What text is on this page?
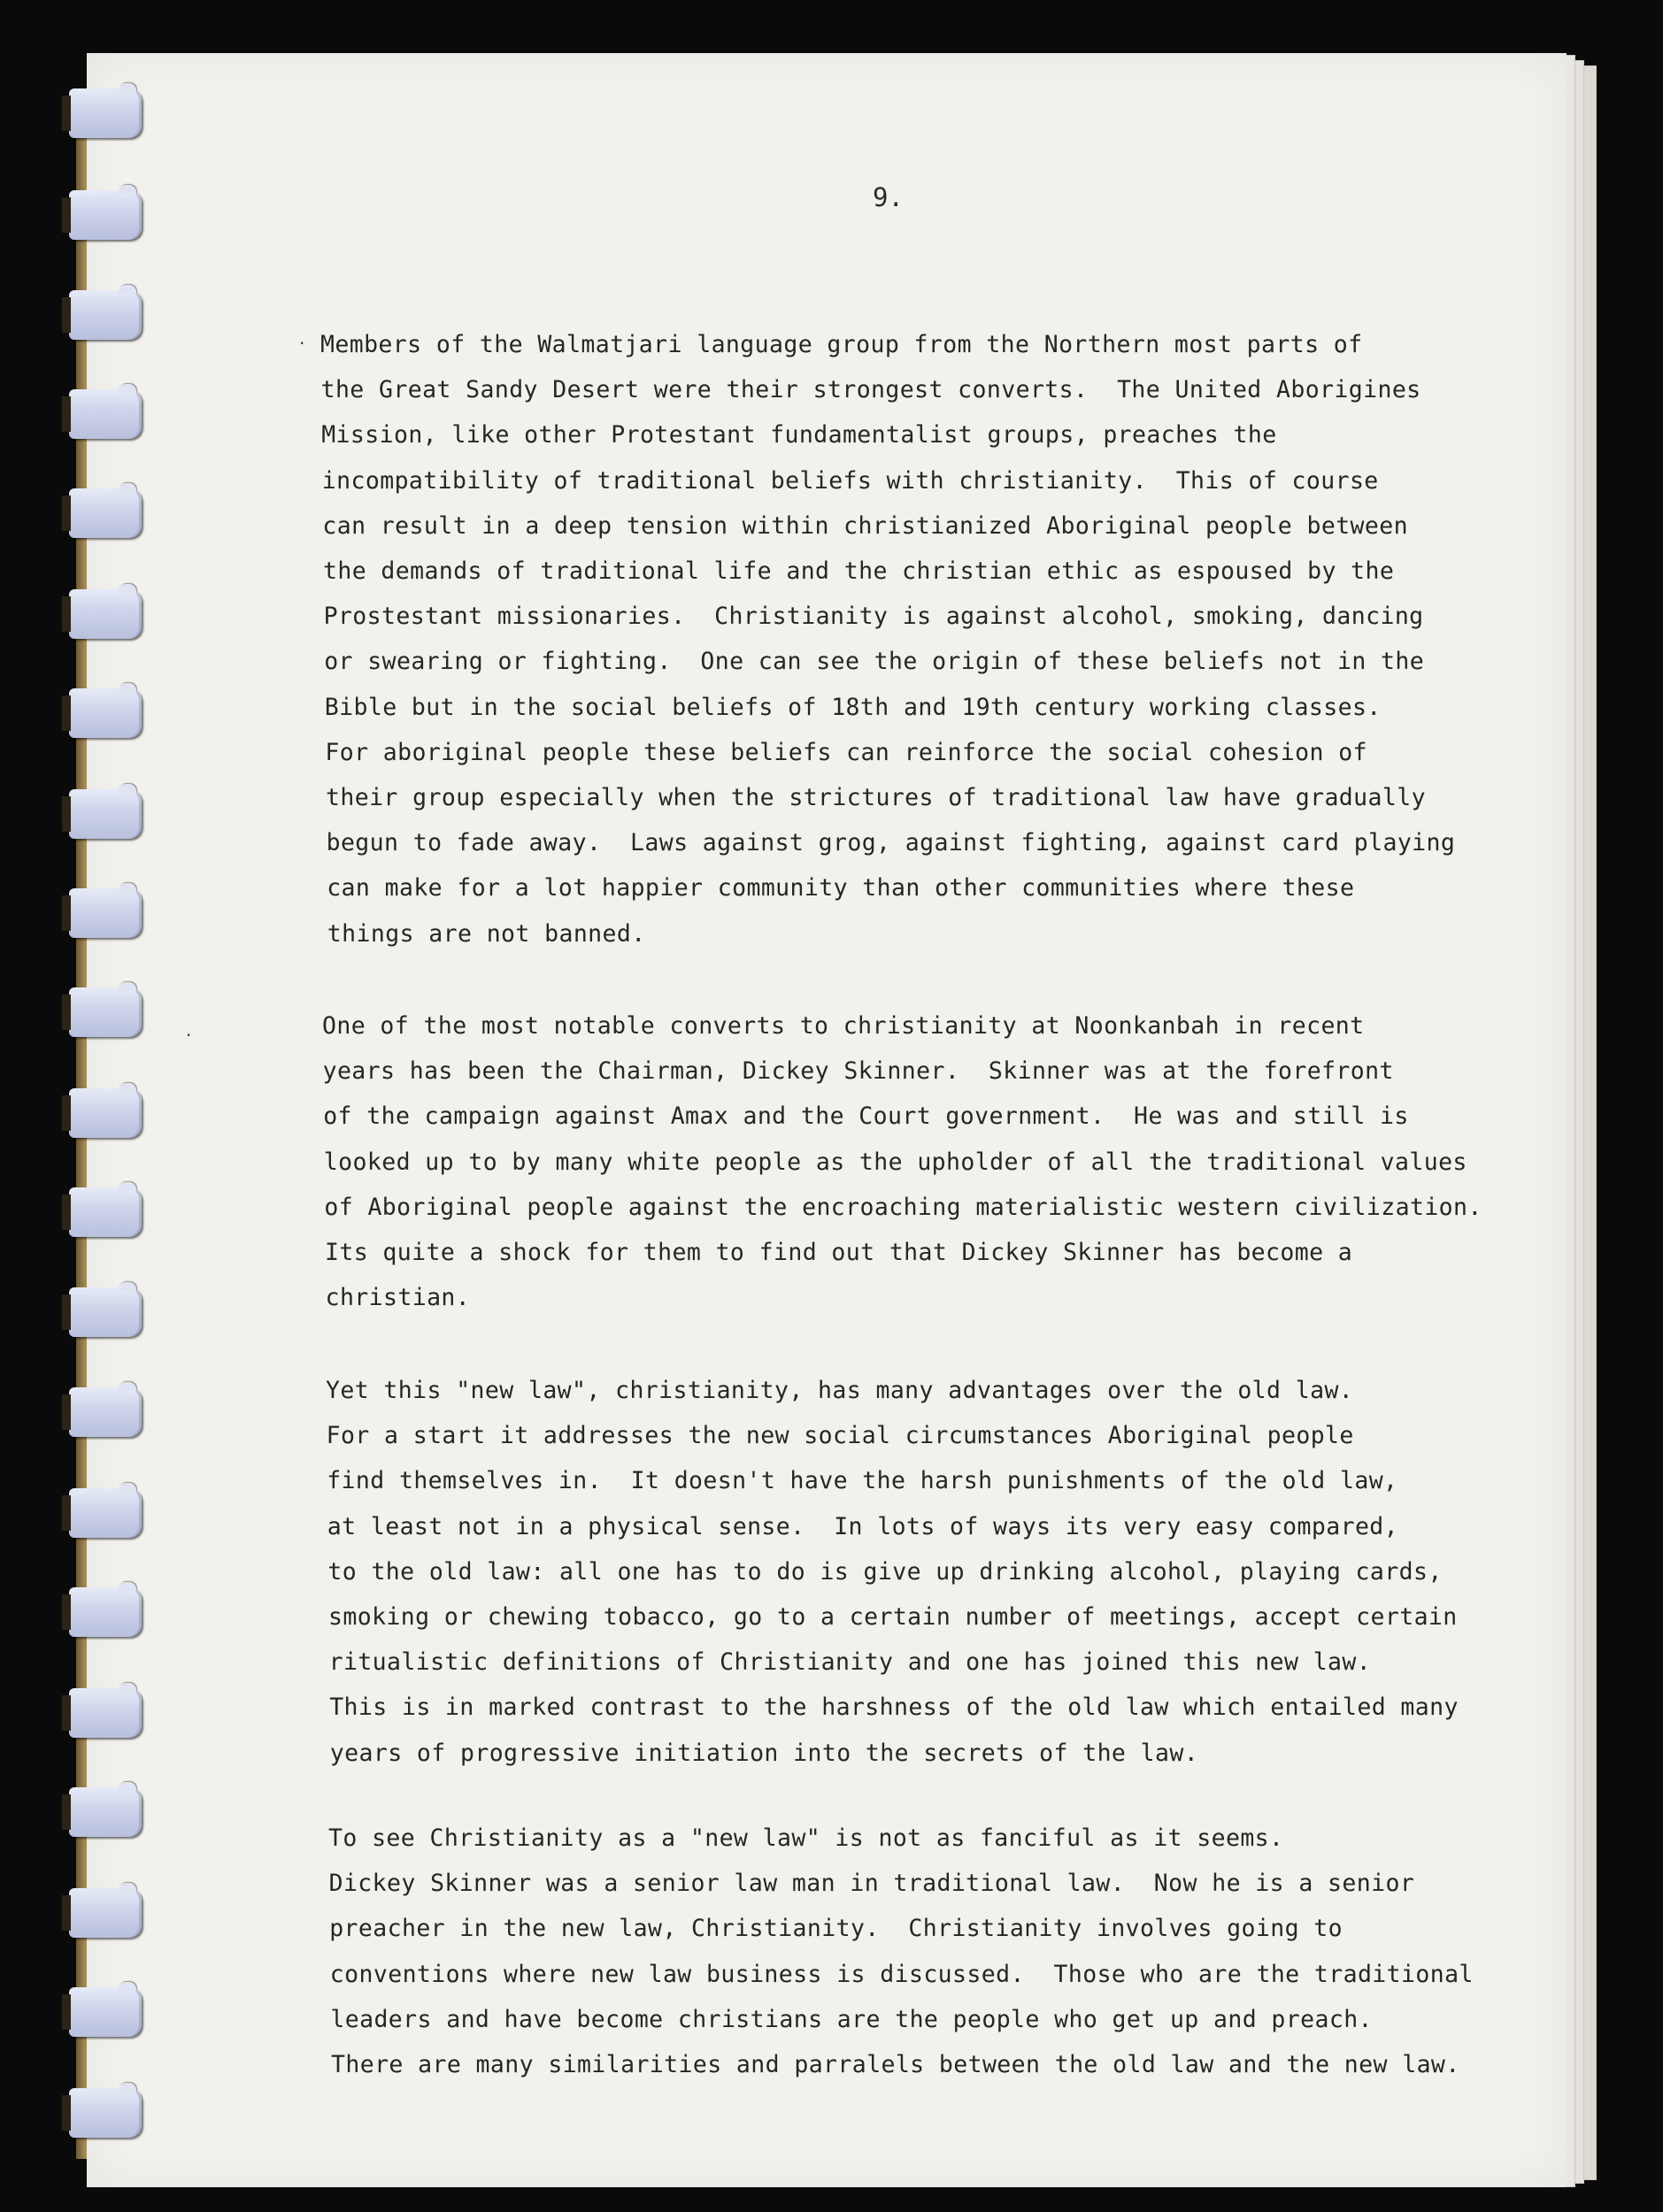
9.
·
·
Members of the Walmatjari language group from the Northern most parts of
the Great Sandy Desert were their strongest converts.  The United Aborigines
Mission, like other Protestant fundamentalist groups, preaches the
incompatibility of traditional beliefs with christianity.  This of course
can result in a deep tension within christianized Aboriginal people between
the demands of traditional life and the christian ethic as espoused by the
Prostestant missionaries.  Christianity is against alcohol, smoking, dancing
or swearing or fighting.  One can see the origin of these beliefs not in the
Bible but in the social beliefs of 18th and 19th century working classes.
For aboriginal people these beliefs can reinforce the social cohesion of
their group especially when the strictures of traditional law have gradually
begun to fade away.  Laws against grog, against fighting, against card playing
can make for a lot happier community than other communities where these
things are not banned.
One of the most notable converts to christianity at Noonkanbah in recent
years has been the Chairman, Dickey Skinner.  Skinner was at the forefront
of the campaign against Amax and the Court government.  He was and still is
looked up to by many white people as the upholder of all the traditional values
of Aboriginal people against the encroaching materialistic western civilization.
Its quite a shock for them to find out that Dickey Skinner has become a
christian.
Yet this "new law", christianity, has many advantages over the old law.
For a start it addresses the new social circumstances Aboriginal people
find themselves in.  It doesn't have the harsh punishments of the old law,
at least not in a physical sense.  In lots of ways its very easy compared,
to the old law: all one has to do is give up drinking alcohol, playing cards,
smoking or chewing tobacco, go to a certain number of meetings, accept certain
ritualistic definitions of Christianity and one has joined this new law.
This is in marked contrast to the harshness of the old law which entailed many
years of progressive initiation into the secrets of the law.
To see Christianity as a "new law" is not as fanciful as it seems.
Dickey Skinner was a senior law man in traditional law.  Now he is a senior
preacher in the new law, Christianity.  Christianity involves going to
conventions where new law business is discussed.  Those who are the traditional
leaders and have become christians are the people who get up and preach.
There are many similarities and parralels between the old law and the new law.
